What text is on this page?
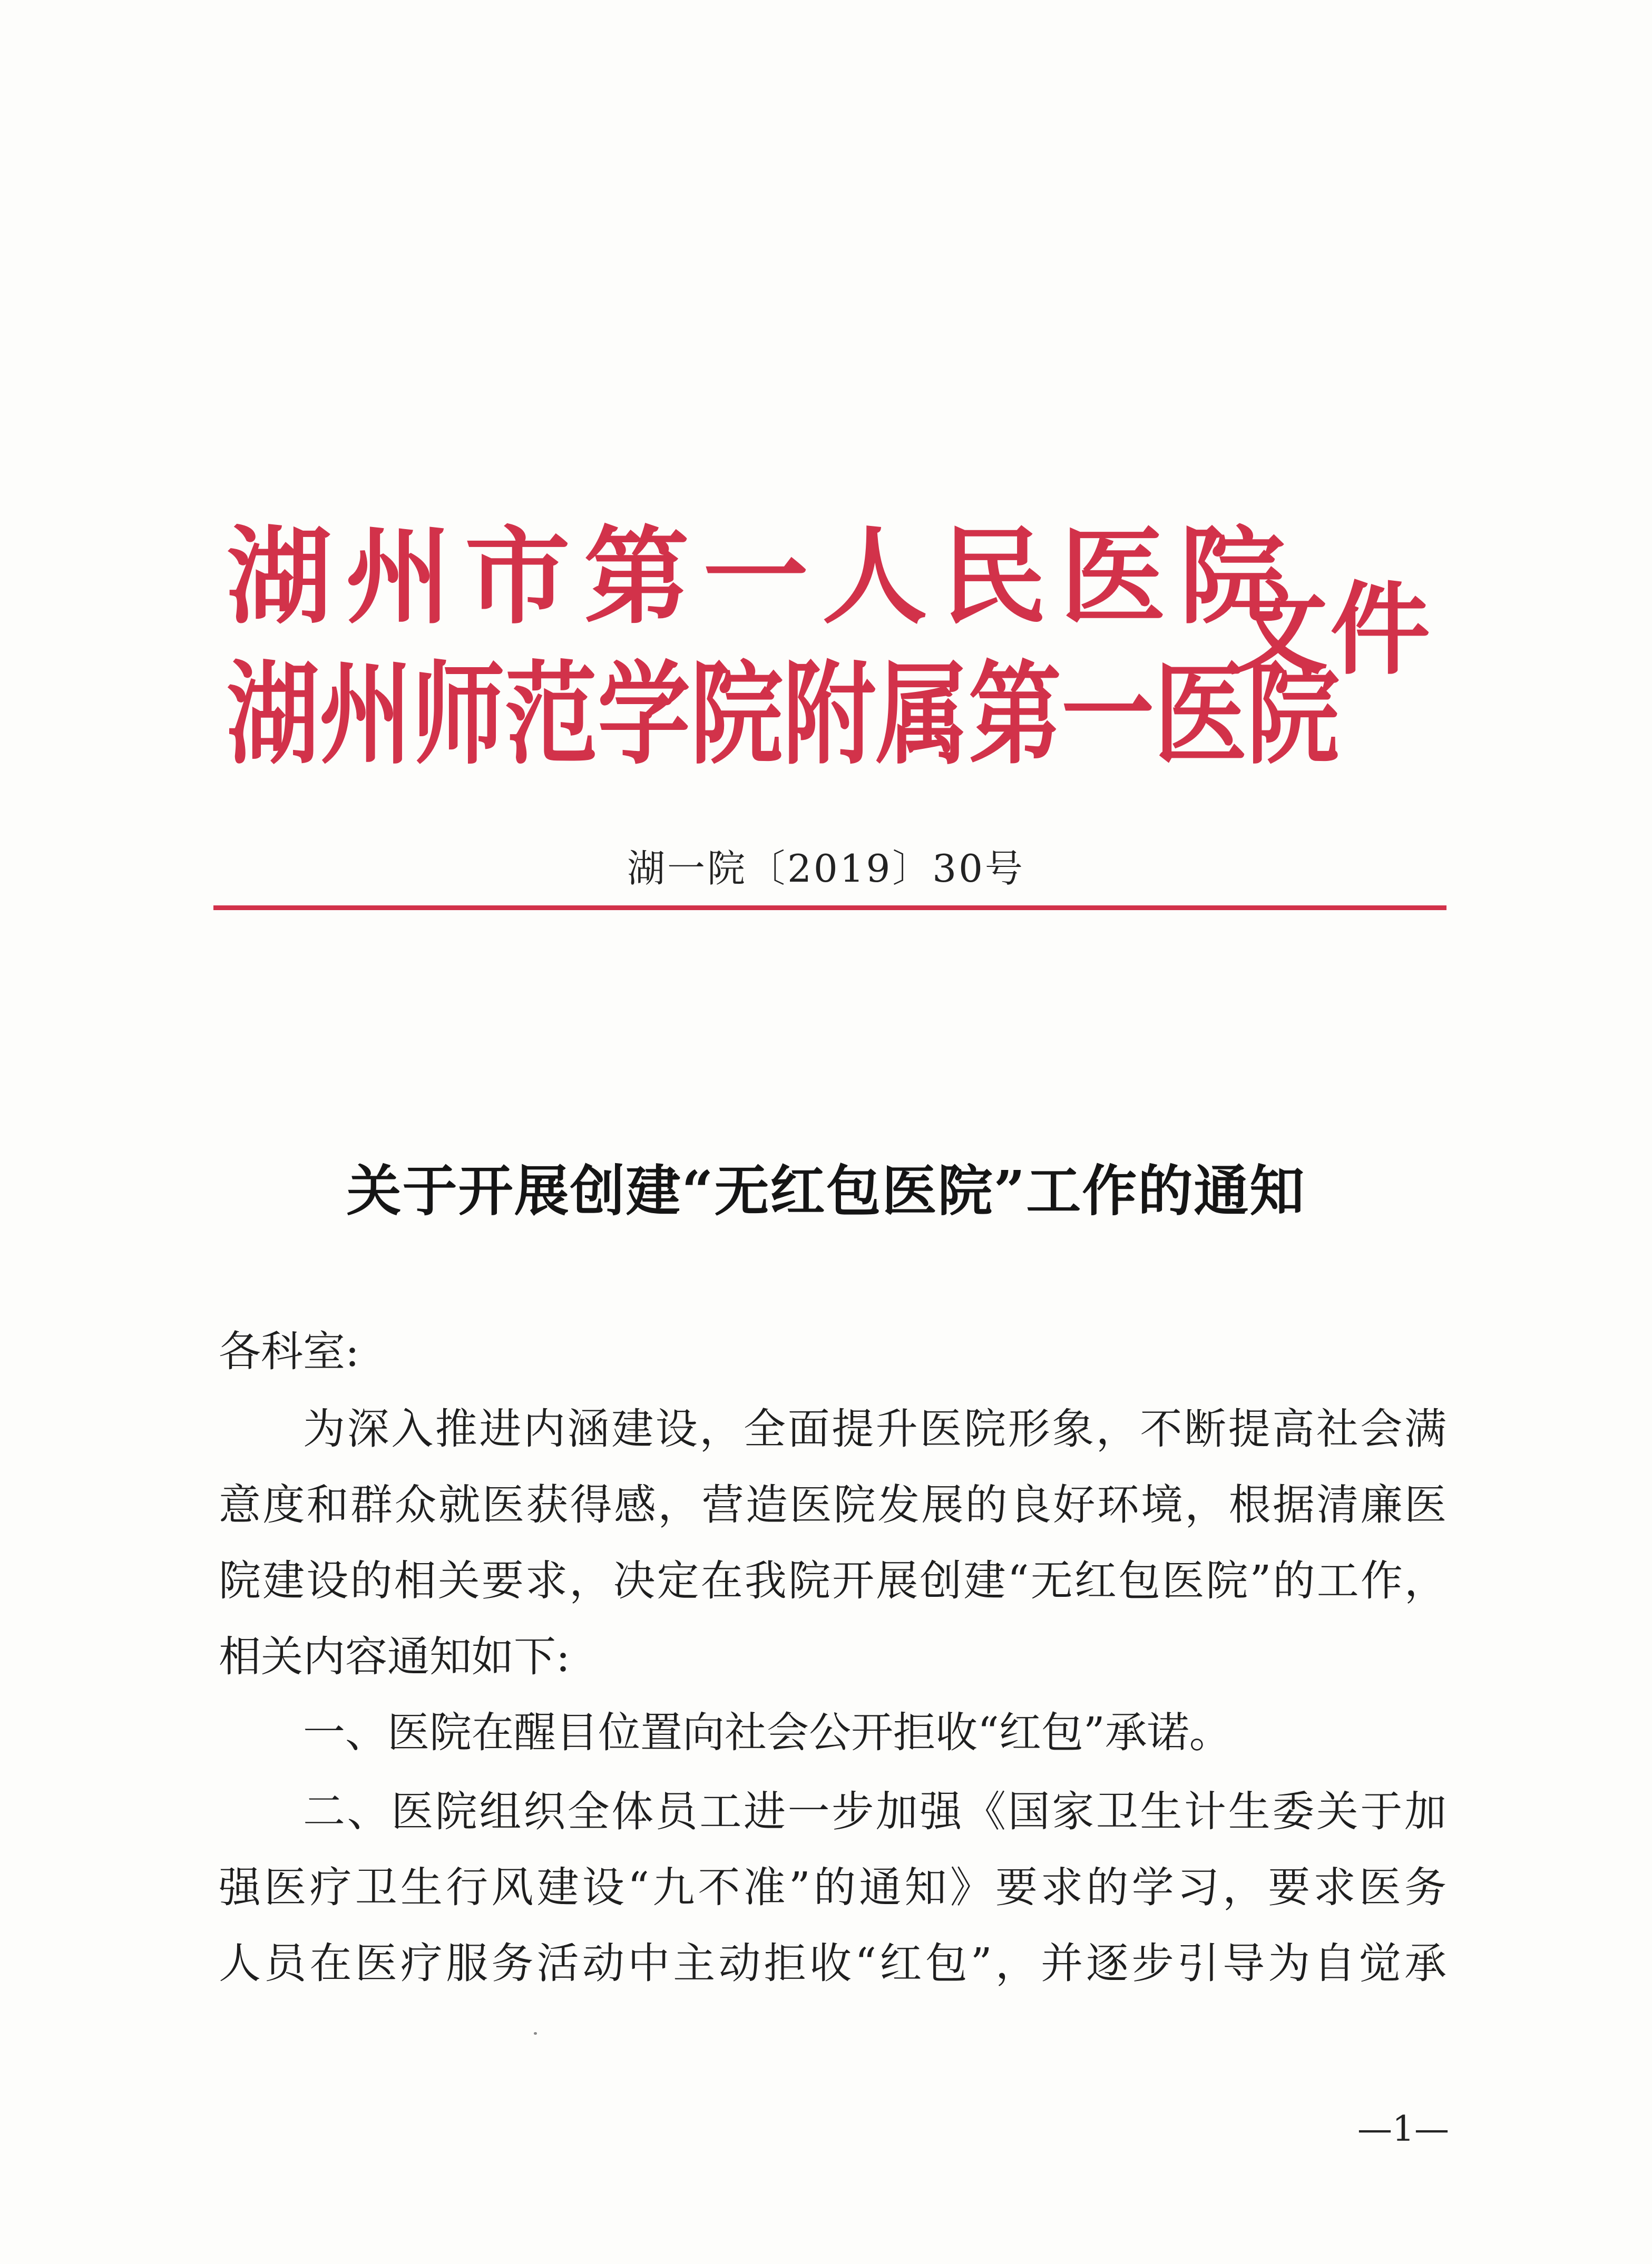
湖州市第一人民医院
湖州师范学院附属第一医院
文件
湖一院〔2019〕30号
关于开展创建“无红包医院”工作的通知
各科室:
为深入推进内涵建设，全面提升医院形象，不断提高社会满
意度和群众就医获得感，营造医院发展的良好环境，根据清廉医
院建设的相关要求，决定在我院开展创建“无红包医院”的工作，
相关内容通知如下:
一、医院在醒目位置向社会公开拒收“红包”承诺。
二、医院组织全体员工进一步加强《国家卫生计生委关于加
强医疗卫生行风建设“九不准”的通知》要求的学习，要求医务
人员在医疗服务活动中主动拒收“红包”，并逐步引导为自觉承
—1—
